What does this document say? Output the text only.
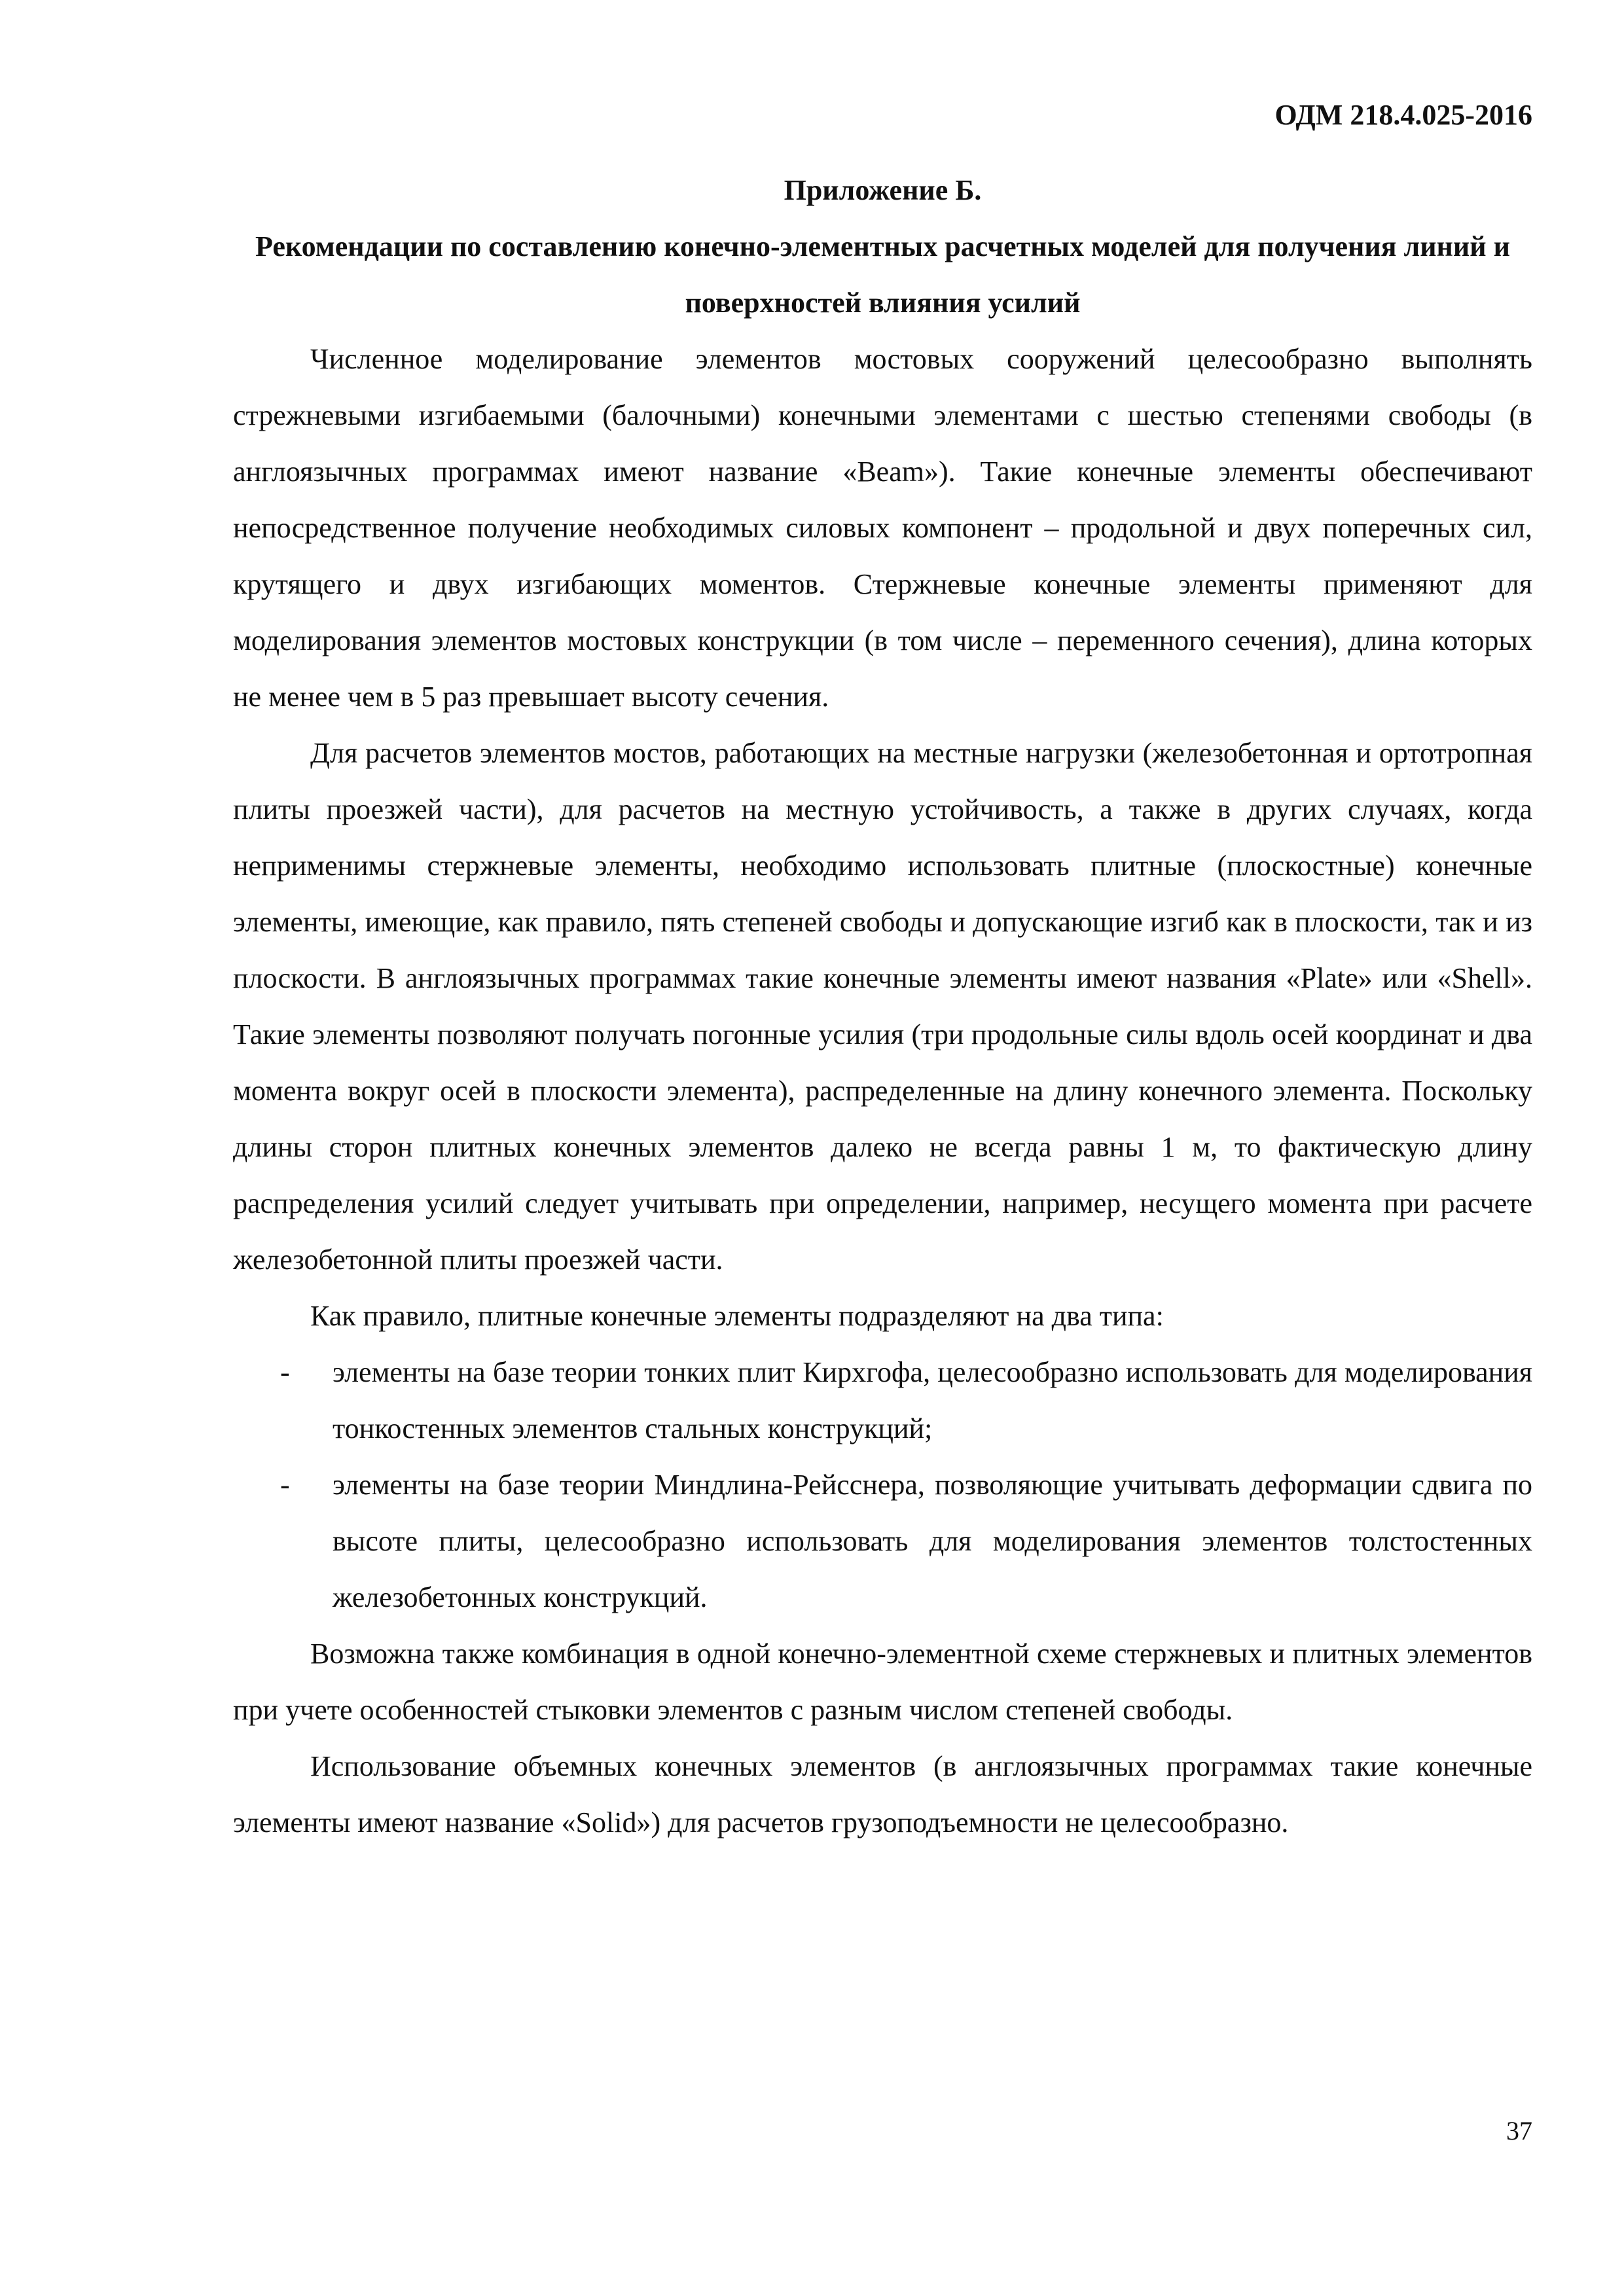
ОДМ 218.4.025-2016

Приложение Б.

Рекомендации по составлению конечно-элементных расчетных моделей для получения линий и поверхностей влияния усилий

Численное моделирование элементов мостовых сооружений целесообразно выполнять стрежневыми изгибаемыми (балочными) конечными элементами с шестью степенями свободы (в англоязычных программах имеют название «Beam»). Такие конечные элементы обеспечивают непосредственное получение необходимых силовых компонент – продольной и двух поперечных сил, крутящего и двух изгибающих моментов. Стержневые конечные элементы применяют для моделирования элементов мостовых конструкции (в том числе – переменного сечения), длина которых не менее чем в 5 раз превышает высоту сечения.

Для расчетов элементов мостов, работающих на местные нагрузки (железобетонная и ортотропная плиты проезжей части), для расчетов на местную устойчивость, а также в других случаях, когда неприменимы стержневые элементы, необходимо использовать плитные (плоскостные) конечные элементы, имеющие, как правило, пять степеней свободы и допускающие изгиб как в плоскости, так и из плоскости. В англоязычных программах такие конечные элементы имеют названия «Plate» или «Shell». Такие элементы позволяют получать погонные усилия (три продольные силы вдоль осей координат и два момента вокруг осей в плоскости элемента), распределенные на длину конечного элемента. Поскольку длины сторон плитных конечных элементов далеко не всегда равны 1 м, то фактическую длину распределения усилий следует учитывать при определении, например, несущего момента при расчете железобетонной плиты проезжей части.

Как правило, плитные конечные элементы подразделяют на два типа:

- элементы на базе теории тонких плит Кирхгофа, целесообразно использовать для моделирования тонкостенных элементов стальных конструкций;
- элементы на базе теории Миндлина-Рейсснера, позволяющие учитывать деформации сдвига по высоте плиты, целесообразно использовать для моделирования элементов толстостенных железобетонных конструкций.

Возможна также комбинация в одной конечно-элементной схеме стержневых и плитных элементов при учете особенностей стыковки элементов с разным числом степеней свободы.

Использование объемных конечных элементов (в англоязычных программах такие конечные элементы имеют название «Solid») для расчетов грузоподъемности не целесообразно.

37
